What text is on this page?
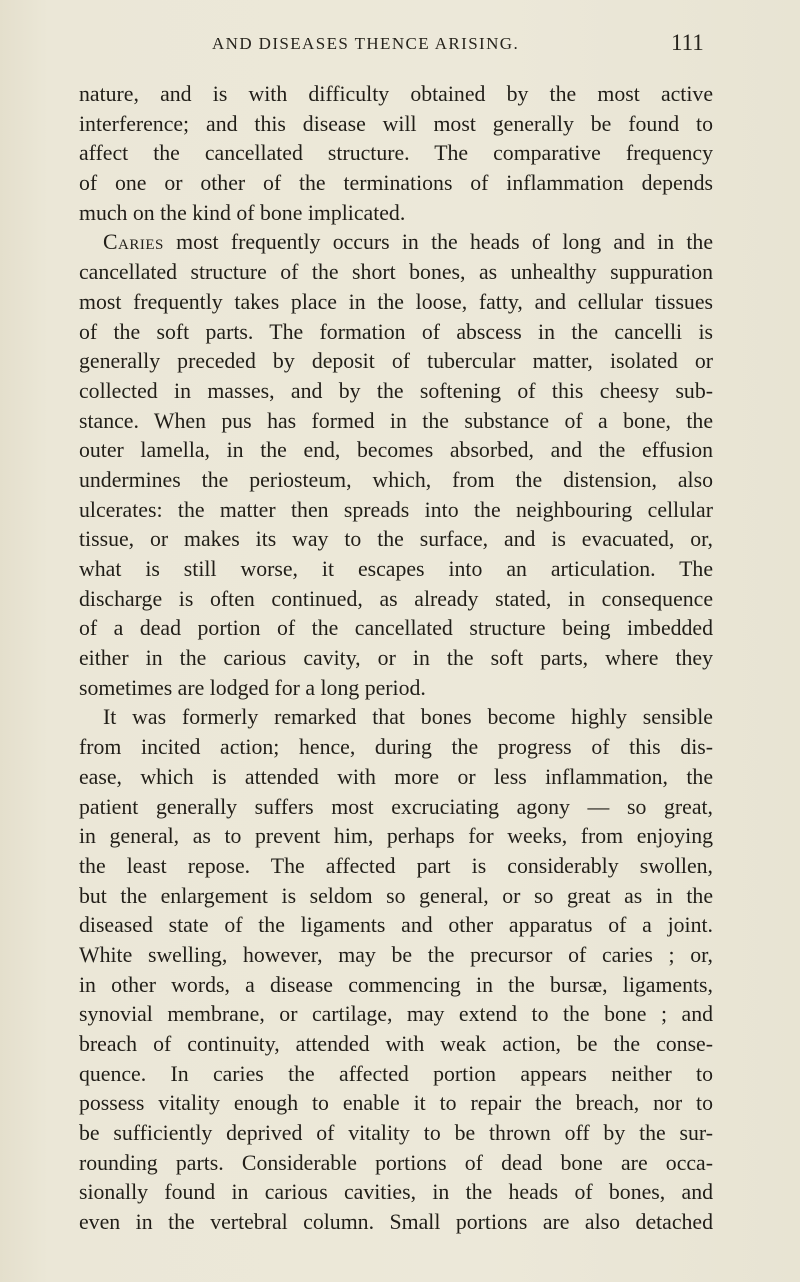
AND DISEASES THENCE ARISING.	111
nature, and is with difficulty obtained by the most active
interference; and this disease will most generally be found to
affect the cancellated structure. The comparative frequency
of one or other of the terminations of inflammation depends
much on the kind of bone implicated.
Caries most frequently occurs in the heads of long and in the
cancellated structure of the short bones, as unhealthy suppuration
most frequently takes place in the loose, fatty, and cellular tissues
of the soft parts. The formation of abscess in the cancelli is
generally preceded by deposit of tubercular matter, isolated or
collected in masses, and by the softening of this cheesy sub-
stance. When pus has formed in the substance of a bone, the
outer lamella, in the end, becomes absorbed, and the effusion
undermines the periosteum, which, from the distension, also
ulcerates: the matter then spreads into the neighbouring cellular
tissue, or makes its way to the surface, and is evacuated, or,
what is still worse, it escapes into an articulation. The
discharge is often continued, as already stated, in consequence
of a dead portion of the cancellated structure being imbedded
either in the carious cavity, or in the soft parts, where they
sometimes are lodged for a long period.
It was formerly remarked that bones become highly sensible
from incited action; hence, during the progress of this dis-
ease, which is attended with more or less inflammation, the
patient generally suffers most excruciating agony — so great,
in general, as to prevent him, perhaps for weeks, from enjoying
the least repose. The affected part is considerably swollen,
but the enlargement is seldom so general, or so great as in the
diseased state of the ligaments and other apparatus of a joint.
White swelling, however, may be the precursor of caries ; or,
in other words, a disease commencing in the bursæ, ligaments,
synovial membrane, or cartilage, may extend to the bone ; and
breach of continuity, attended with weak action, be the conse-
quence. In caries the affected portion appears neither to
possess vitality enough to enable it to repair the breach, nor to
be sufficiently deprived of vitality to be thrown off by the sur-
rounding parts. Considerable portions of dead bone are occa-
sionally found in carious cavities, in the heads of bones, and
even in the vertebral column. Small portions are also detached
